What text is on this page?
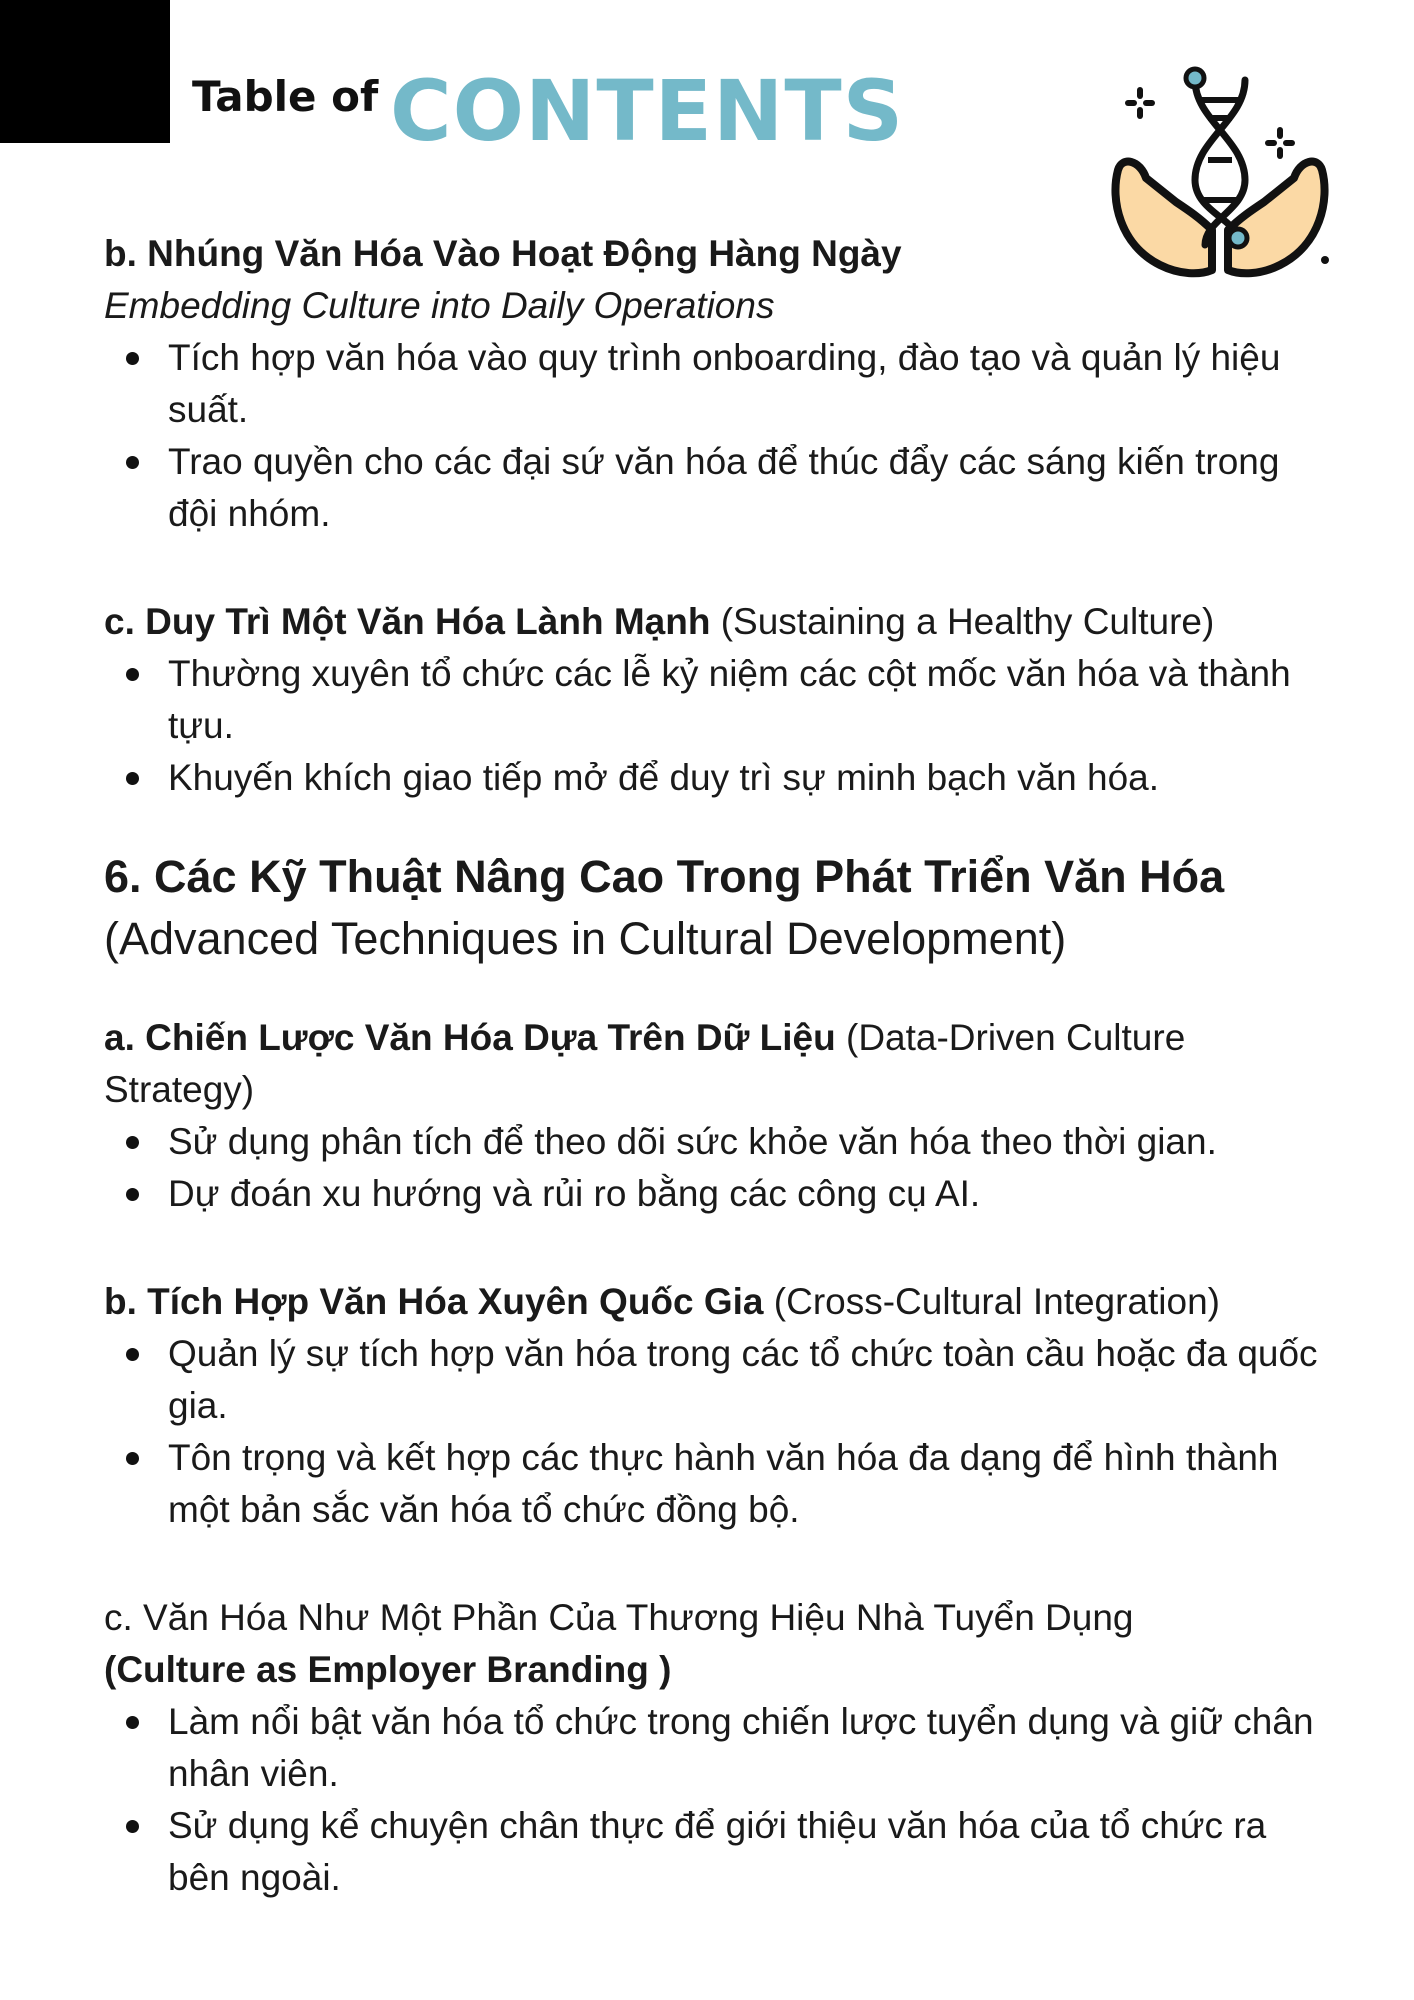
Table of CONTENTS

b. Nhúng Văn Hóa Vào Hoạt Động Hàng Ngày

Embedding Culture into Daily Operations

Tích hợp văn hóa vào quy trình onboarding, đào tạo và quản lý hiệu suất.
Trao quyền cho các đại sứ văn hóa để thúc đẩy các sáng kiến trong đội nhóm.

c. Duy Trì Một Văn Hóa Lành Mạnh (Sustaining a Healthy Culture)

Thường xuyên tổ chức các lễ kỷ niệm các cột mốc văn hóa và thành tựu.
Khuyến khích giao tiếp mở để duy trì sự minh bạch văn hóa.
6. Các Kỹ Thuật Nâng Cao Trong Phát Triển Văn Hóa
(Advanced Techniques in Cultural Development)

a. Chiến Lược Văn Hóa Dựa Trên Dữ Liệu (Data-Driven Culture Strategy)

Sử dụng phân tích để theo dõi sức khỏe văn hóa theo thời gian.
Dự đoán xu hướng và rủi ro bằng các công cụ AI.

b. Tích Hợp Văn Hóa Xuyên Quốc Gia (Cross-Cultural Integration)

Quản lý sự tích hợp văn hóa trong các tổ chức toàn cầu hoặc đa quốc gia.
Tôn trọng và kết hợp các thực hành văn hóa đa dạng để hình thành một bản sắc văn hóa tổ chức đồng bộ.

c. Văn Hóa Như Một Phần Của Thương Hiệu Nhà Tuyển Dụng
(Culture as Employer Branding )

Làm nổi bật văn hóa tổ chức trong chiến lược tuyển dụng và giữ chân nhân viên.
Sử dụng kể chuyện chân thực để giới thiệu văn hóa của tổ chức ra bên ngoài.
